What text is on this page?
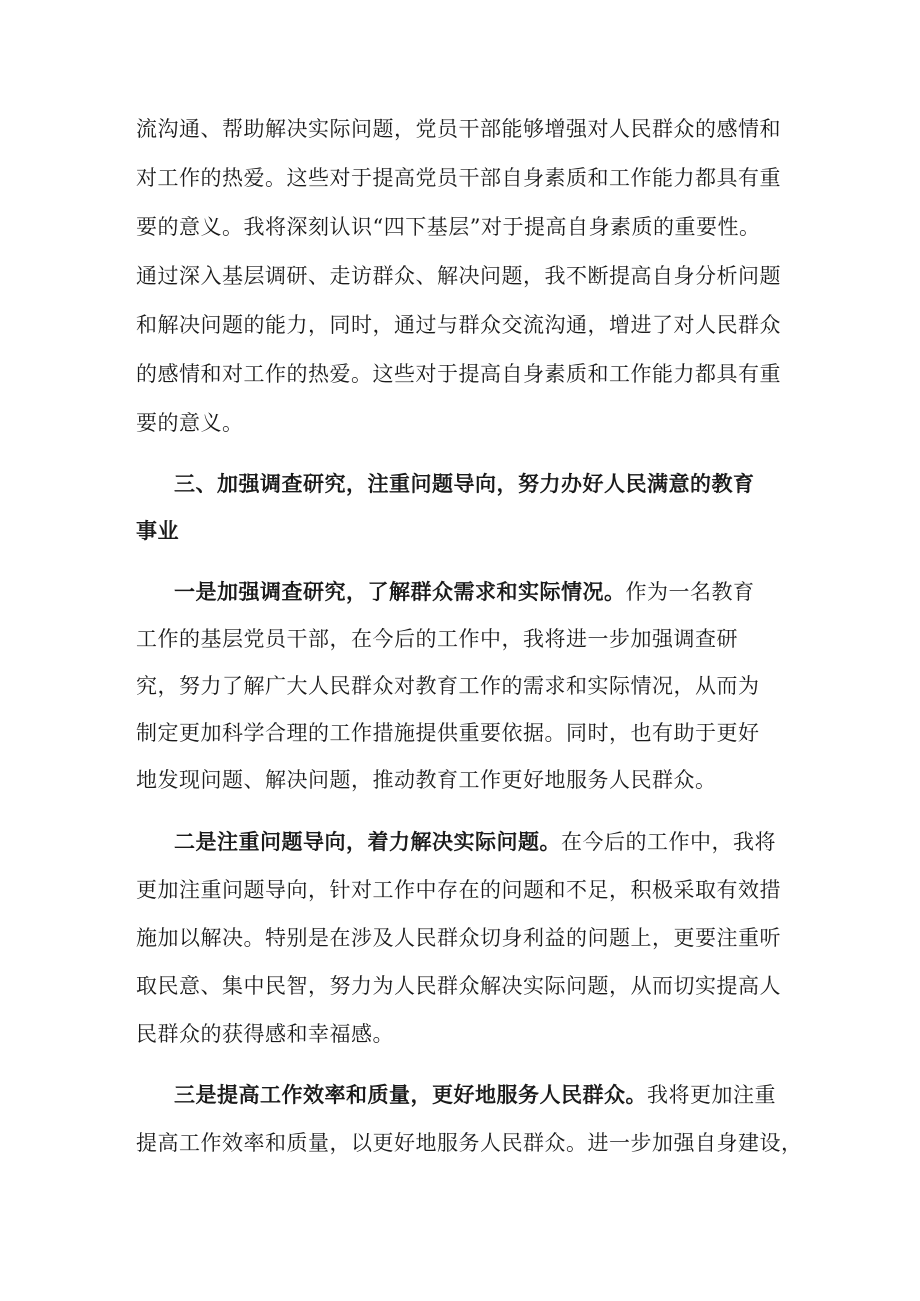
流沟通、帮助解决实际问题，党员干部能够增强对人民群众的感情和
对工作的热爱。这些对于提高党员干部自身素质和工作能力都具有重
要的意义。我将深刻认识“四下基层”对于提高自身素质的重要性。
通过深入基层调研、走访群众、解决问题，我不断提高自身分析问题
和解决问题的能力，同时，通过与群众交流沟通，增进了对人民群众
的感情和对工作的热爱。这些对于提高自身素质和工作能力都具有重
要的意义。
三、加强调查研究，注重问题导向，努力办好人民满意的教育
事业
一是加强调查研究，了解群众需求和实际情况。作为一名教育
工作的基层党员干部，在今后的工作中，我将进一步加强调查研
究，努力了解广大人民群众对教育工作的需求和实际情况，从而为
制定更加科学合理的工作措施提供重要依据。同时，也有助于更好
地发现问题、解决问题，推动教育工作更好地服务人民群众。
二是注重问题导向，着力解决实际问题。在今后的工作中，我将
更加注重问题导向，针对工作中存在的问题和不足，积极采取有效措
施加以解决。特别是在涉及人民群众切身利益的问题上，更要注重听
取民意、集中民智，努力为人民群众解决实际问题，从而切实提高人
民群众的获得感和幸福感。
三是提高工作效率和质量，更好地服务人民群众。我将更加注重
提高工作效率和质量，以更好地服务人民群众。进一步加强自身建设，
